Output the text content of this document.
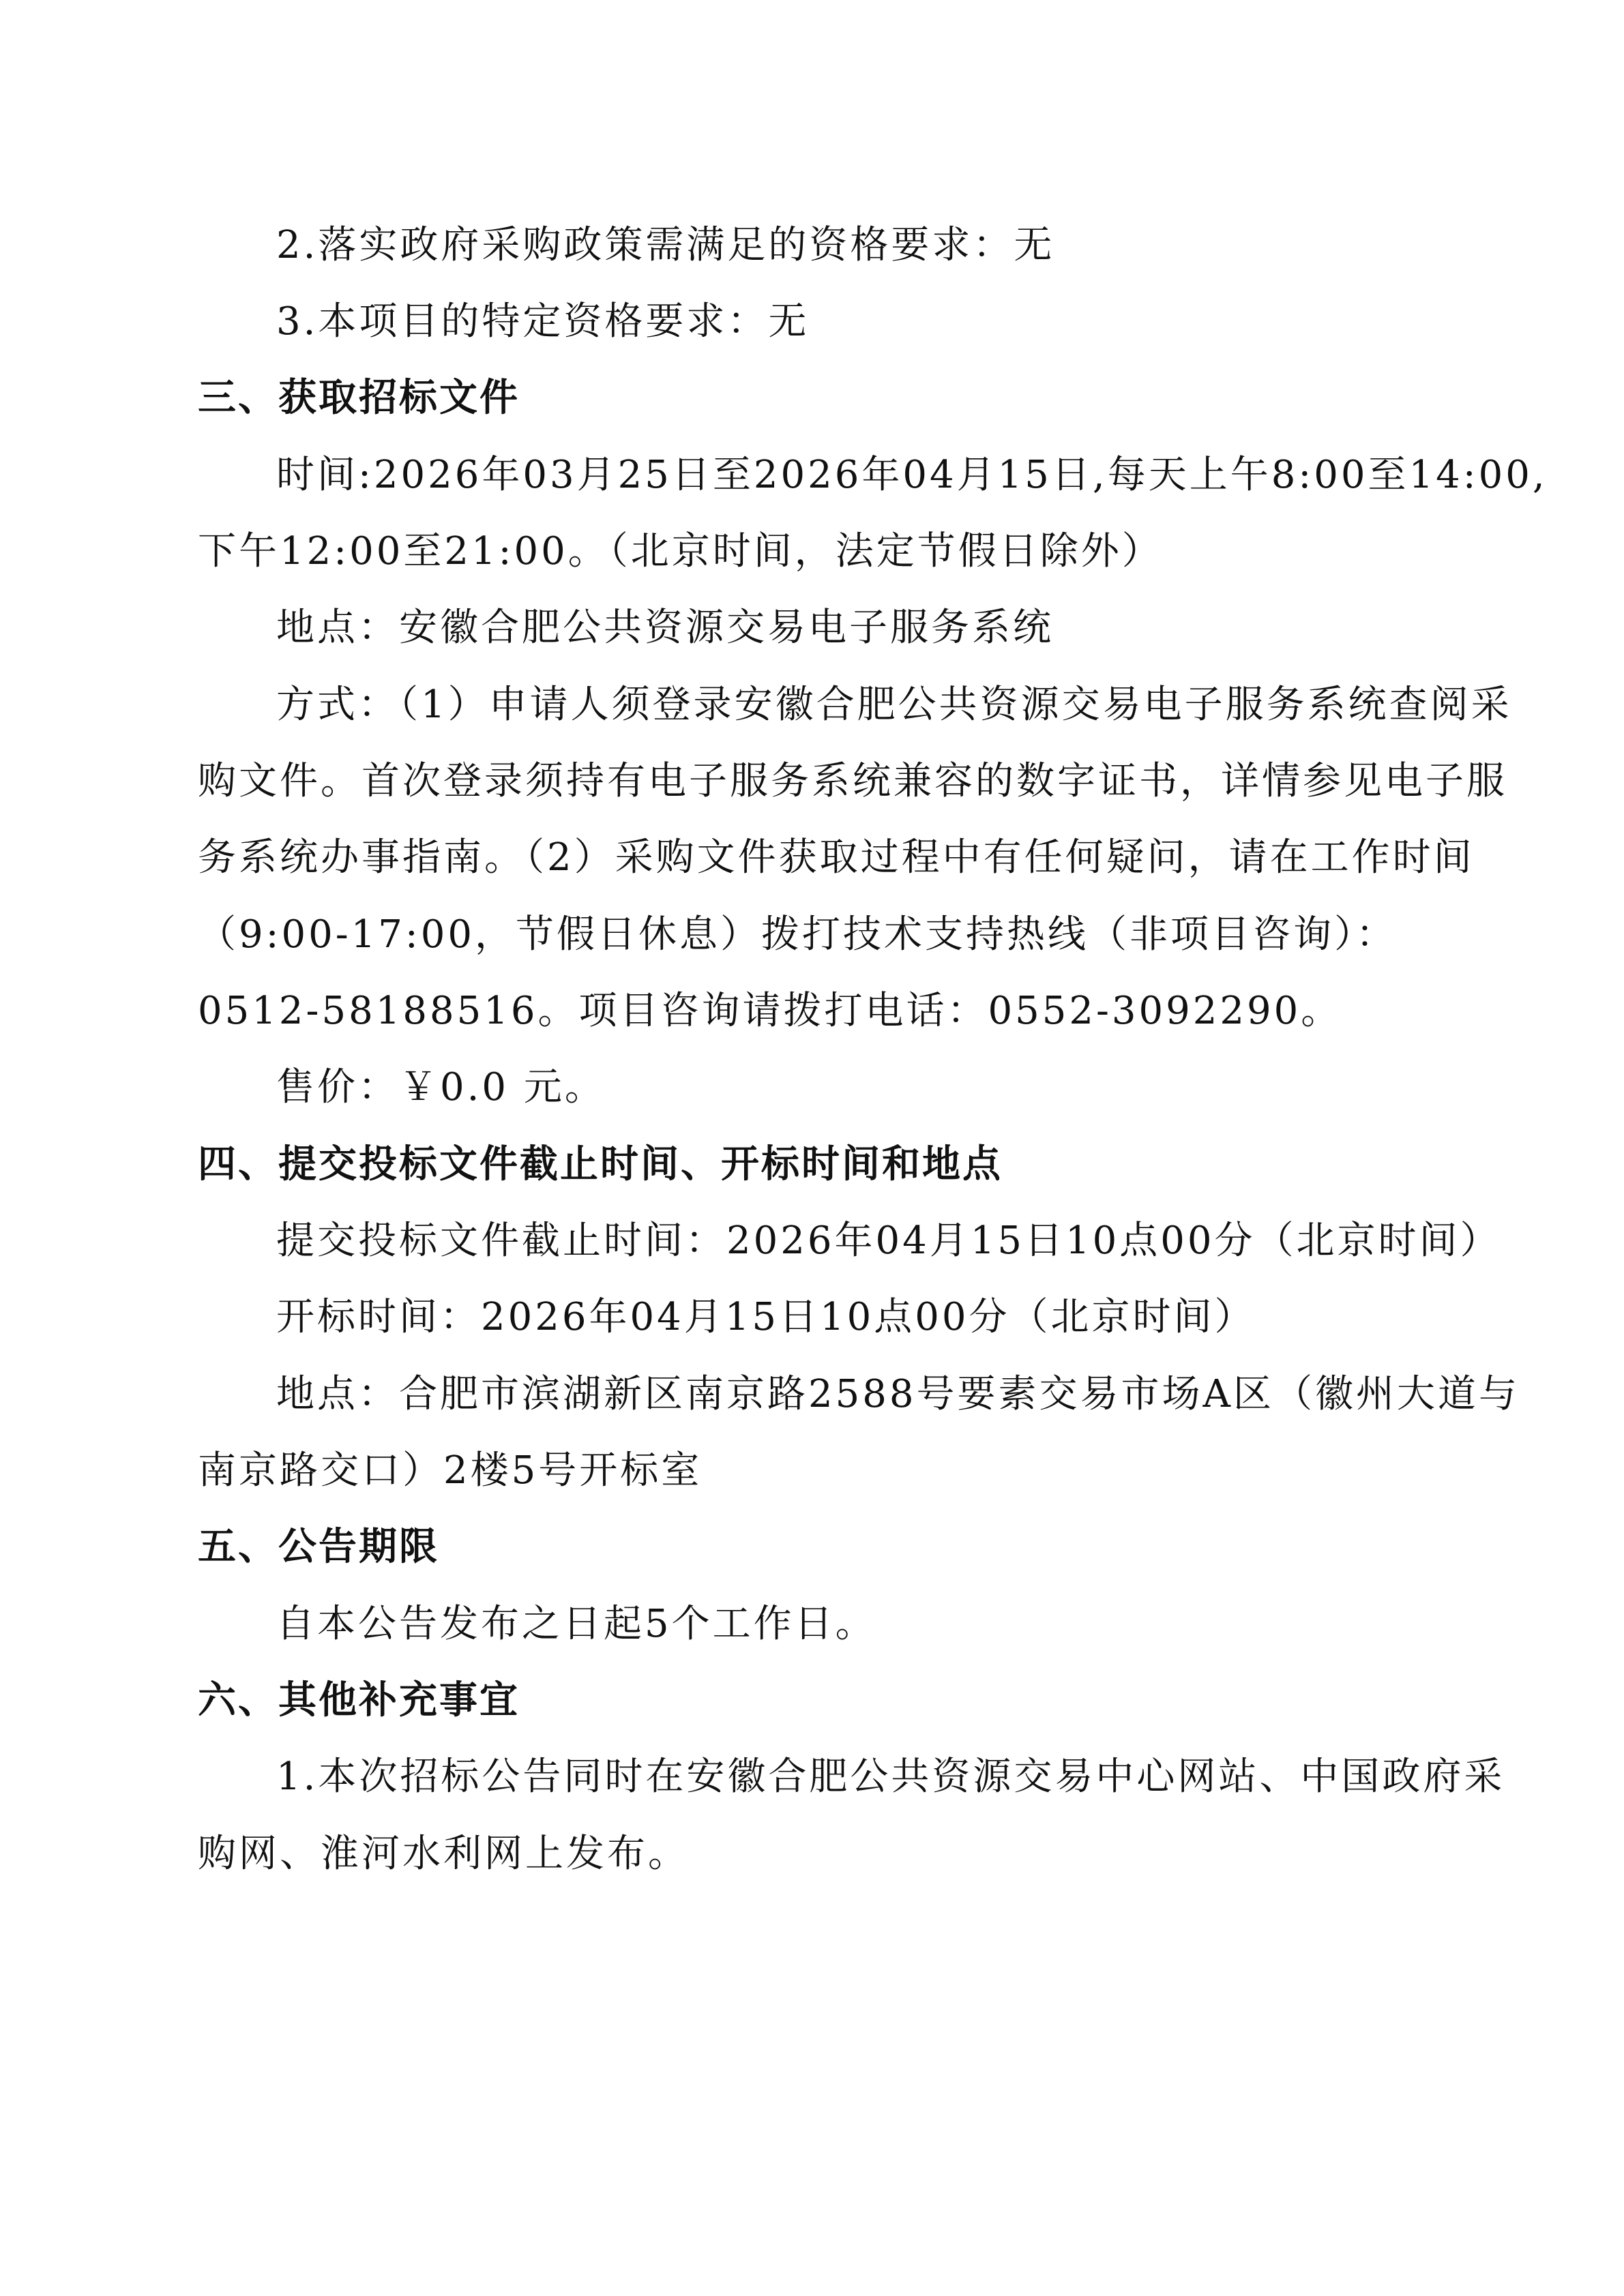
2.落实政府采购政策需满足的资格要求：无
3.本项目的特定资格要求：无
三、获取招标文件
时间:2026年03月25日至2026年04月15日,每天上午8:00至14:00,
下午12:00至21:00。（北京时间，法定节假日除外）
地点：安徽合肥公共资源交易电子服务系统
方式：（1）申请人须登录安徽合肥公共资源交易电子服务系统查阅采
购文件。首次登录须持有电子服务系统兼容的数字证书，详情参见电子服
务系统办事指南。（2）采购文件获取过程中有任何疑问，请在工作时间
（9:00-17:00，节假日休息）拨打技术支持热线（非项目咨询）：
0512-58188516。项目咨询请拨打电话：0552-3092290。
售价：￥0.0 元。
四、提交投标文件截止时间、开标时间和地点
提交投标文件截止时间：2026年04月15日10点00分（北京时间）
开标时间：2026年04月15日10点00分（北京时间）
地点：合肥市滨湖新区南京路2588号要素交易市场A区（徽州大道与
南京路交口）2楼5号开标室
五、公告期限
自本公告发布之日起5个工作日。
六、其他补充事宜
1.本次招标公告同时在安徽合肥公共资源交易中心网站、中国政府采
购网、淮河水利网上发布。
